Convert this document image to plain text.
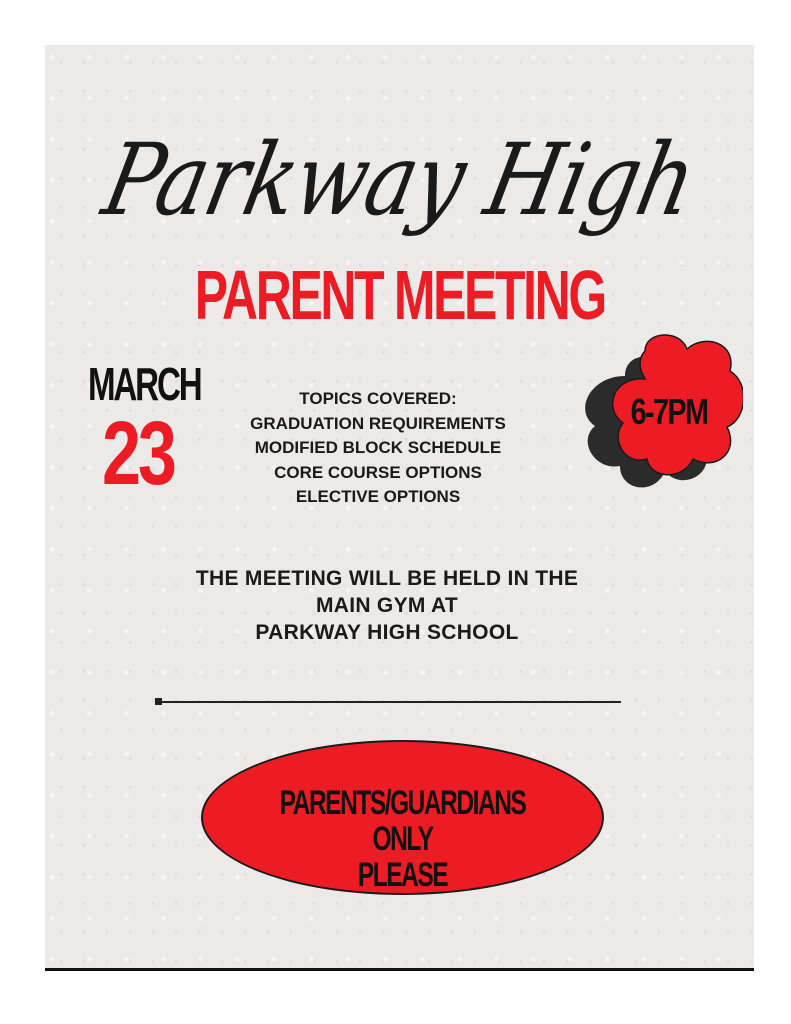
Parkway High
PARENT MEETING
MARCH
23
TOPICS COVERED:
GRADUATION REQUIREMENTS
MODIFIED BLOCK SCHEDULE
CORE COURSE OPTIONS
ELECTIVE OPTIONS
6-7PM
THE MEETING WILL BE HELD IN THE
MAIN GYM AT
PARKWAY HIGH SCHOOL
PARENTS/GUARDIANS ONLY
PLEASE
